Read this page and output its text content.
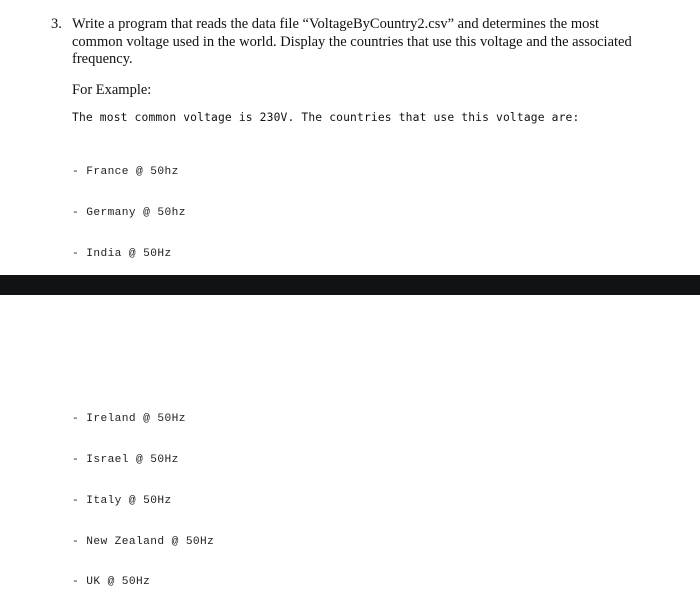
3. Write a program that reads the data file “VoltageByCountry2.csv” and determines the most common voltage used in the world. Display the countries that use this voltage and the associated frequency.

For Example:
The most common voltage is 230V. The countries that use this voltage are:

- France @ 50hz

- Germany @ 50hz

- India @ 50Hz

- Ireland @ 50Hz

- Israel @ 50Hz

- Italy @ 50Hz

- New Zealand @ 50Hz

- UK @ 50Hz
